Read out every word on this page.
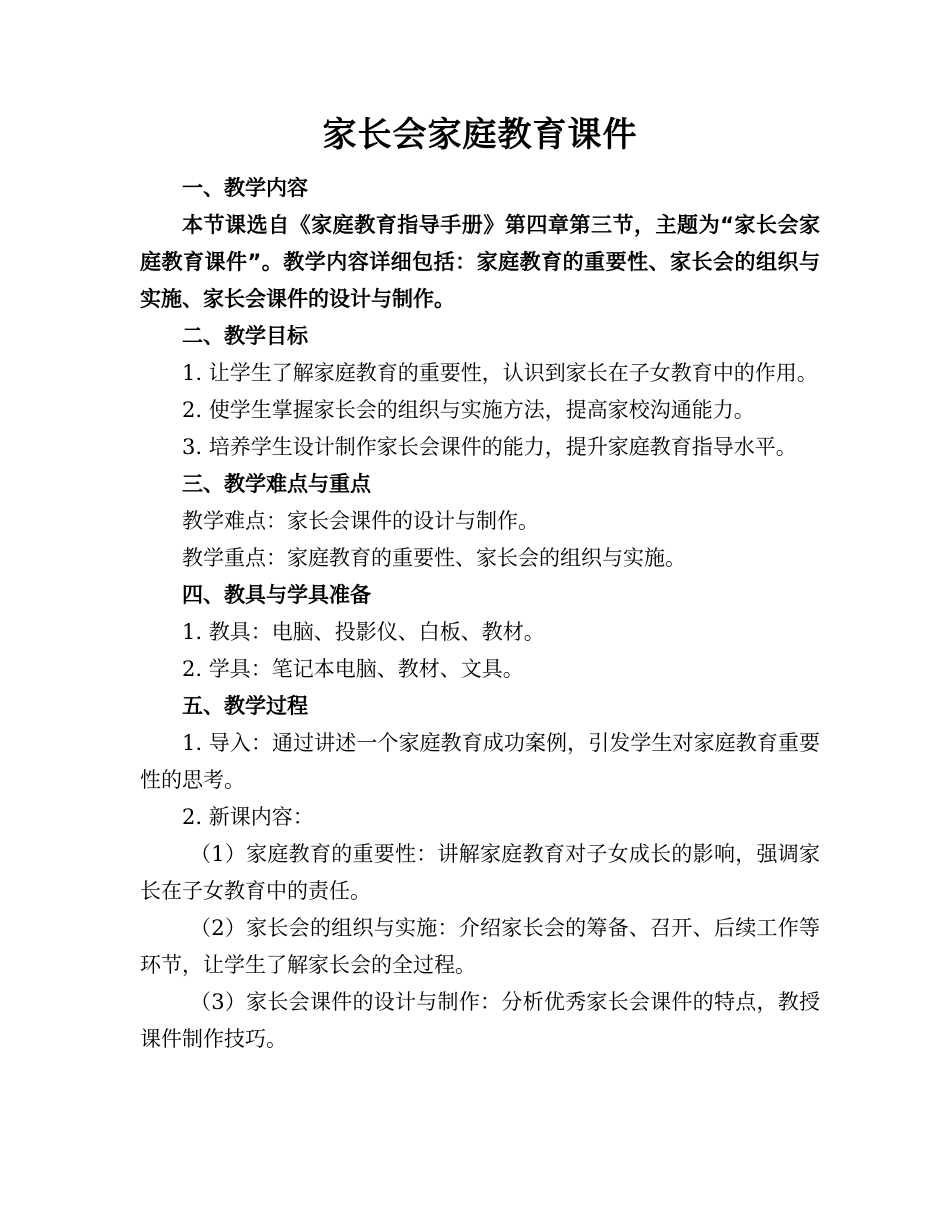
家长会家庭教育课件

一、教学内容

本节课选自《家庭教育指导手册》第四章第三节，主题为“家长会家庭教育课件”。教学内容详细包括：家庭教育的重要性、家长会的组织与实施、家长会课件的设计与制作。

二、教学目标

1. 让学生了解家庭教育的重要性，认识到家长在子女教育中的作用。

2. 使学生掌握家长会的组织与实施方法，提高家校沟通能力。

3. 培养学生设计制作家长会课件的能力，提升家庭教育指导水平。

三、教学难点与重点

教学难点：家长会课件的设计与制作。

教学重点：家庭教育的重要性、家长会的组织与实施。

四、教具与学具准备

1. 教具：电脑、投影仪、白板、教材。

2. 学具：笔记本电脑、教材、文具。

五、教学过程

1. 导入：通过讲述一个家庭教育成功案例，引发学生对家庭教育重要性的思考。

2. 新课内容：

（1）家庭教育的重要性：讲解家庭教育对子女成长的影响，强调家长在子女教育中的责任。

（2）家长会的组织与实施：介绍家长会的筹备、召开、后续工作等环节，让学生了解家长会的全过程。

（3）家长会课件的设计与制作：分析优秀家长会课件的特点，教授课件制作技巧。
